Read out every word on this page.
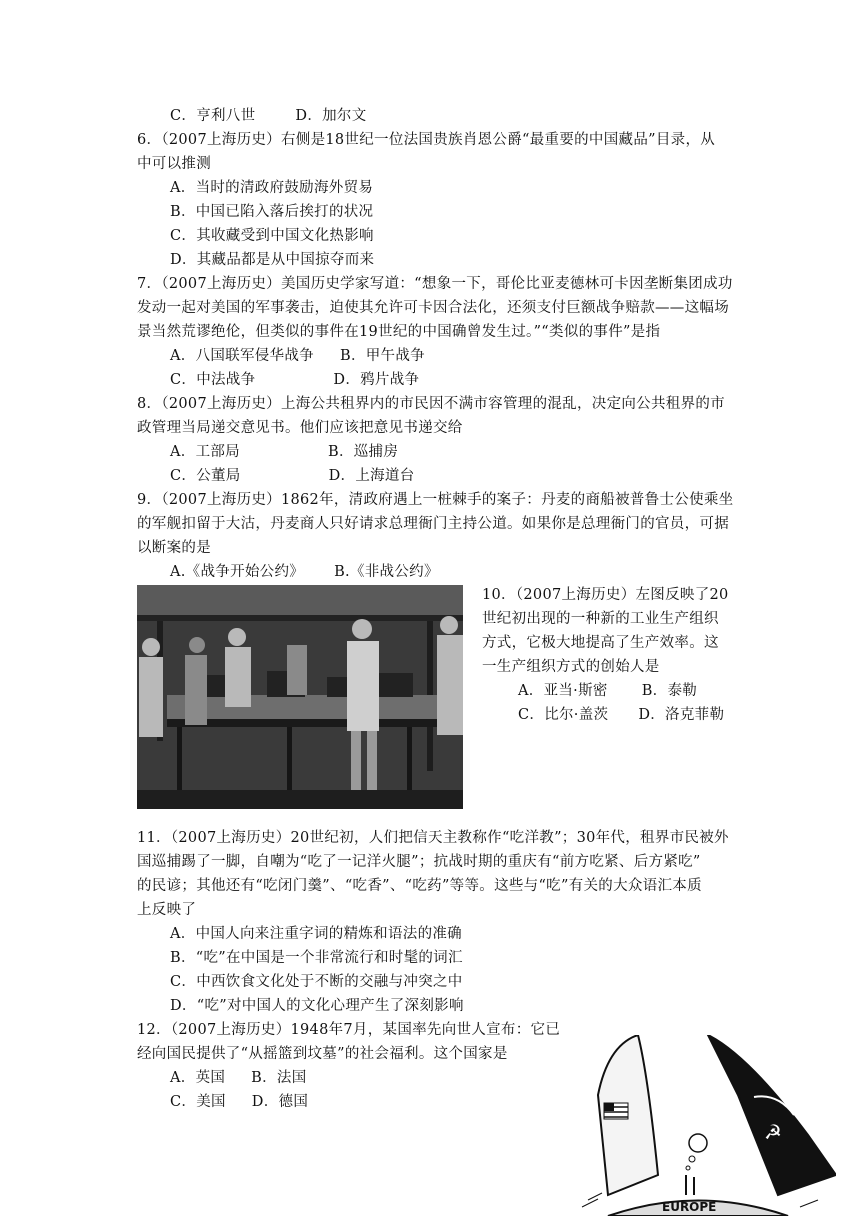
C．亨利八世	D．加尔文
6．（2007上海历史）右侧是18世纪一位法国贵族肖恩公爵“最重要的中国藏品”目录，从
中可以推测
A．当时的清政府鼓励海外贸易
B．中国已陷入落后挨打的状况
C．其收藏受到中国文化热影响
D．其藏品都是从中国掠夺而来
7．（2007上海历史）美国历史学家写道：“想象一下，哥伦比亚麦德林可卡因垄断集团成功
发动一起对美国的军事袭击，迫使其允许可卡因合法化，还须支付巨额战争赔款——这幅场
景当然荒谬绝伦，但类似的事件在19世纪的中国确曾发生过。”“类似的事件”是指
A．八国联军侵华战争 B．甲午战争
C．中法战争	D．鸦片战争
8．（2007上海历史）上海公共租界内的市民因不满市容管理的混乱，决定向公共租界的市
政管理当局递交意见书。他们应该把意见书递交给
A．工部局	B．巡捕房
C．公董局	D．上海道台
9．（2007上海历史）1862年，清政府遇上一桩棘手的案子：丹麦的商船被普鲁士公使乘坐
的军舰扣留于大沽，丹麦商人只好请求总理衙门主持公道。如果你是总理衙门的官员，可据
以断案的是
A.《战争开始公约》 B.《非战公约》
10．（2007上海历史）左图反映了20
世纪初出现的一种新的工业生产组织
方式，它极大地提高了生产效率。这
一生产组织方式的创始人是
A．亚当·斯密 B．泰勒
C．比尔·盖茨 D．洛克菲勒
11．（2007上海历史）20世纪初，人们把信天主教称作“吃洋教”；30年代，租界市民被外
国巡捕踢了一脚，自嘲为“吃了一记洋火腿”；抗战时期的重庆有“前方吃紧、后方紧吃”
的民谚；其他还有“吃闭门羹”、“吃香”、“吃药”等等。这些与“吃”有关的大众语汇本质
上反映了
A．中国人向来注重字词的精炼和语法的准确
B．“吃”在中国是一个非常流行和时髦的词汇
C．中西饮食文化处于不断的交融与冲突之中
D．“吃”对中国人的文化心理产生了深刻影响
12．（2007上海历史）1948年7月，某国率先向世人宣布：它已
经向国民提供了“从摇篮到坟墓”的社会福利。这个国家是
A．英国 B．法国
C．美国 D．德国
☭
EUROPE
